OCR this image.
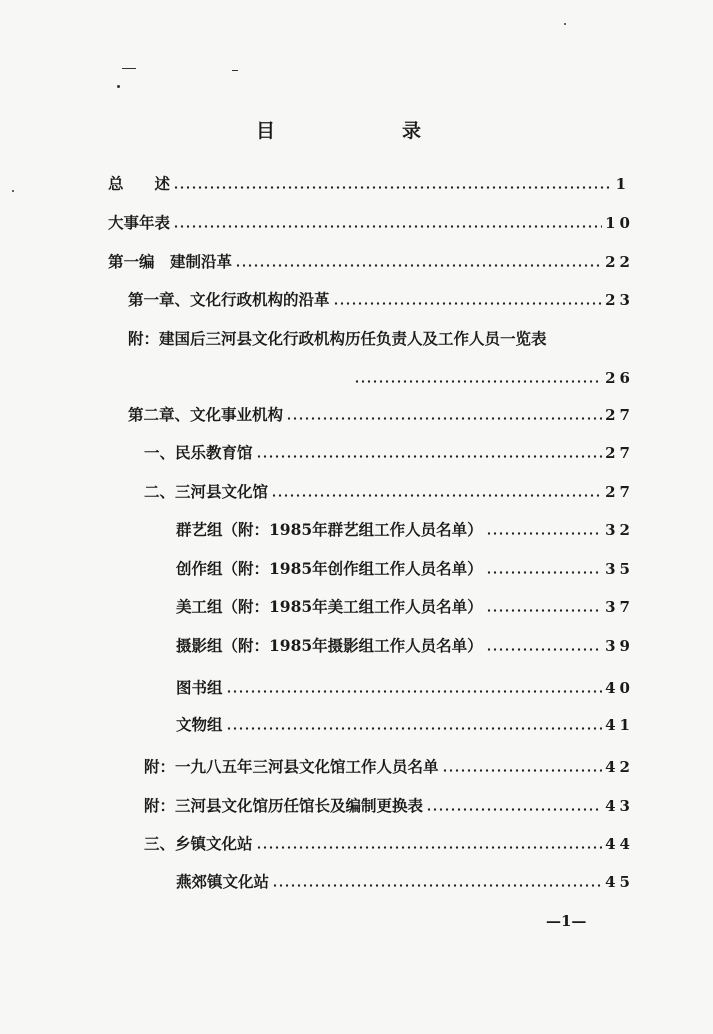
目	录
总　　述	1
大事年表	10
第一编　建制沿革	22
第一章、文化行政机构的沿革	23
附：建国后三河县文化行政机构历任负责人及工作人员一览表
26
第二章、文化事业机构	27
一、民乐教育馆	27
二、三河县文化馆	27
群艺组（附：1985年群艺组工作人员名单）	32
创作组（附：1985年创作组工作人员名单）	35
美工组（附：1985年美工组工作人员名单）	37
摄影组（附：1985年摄影组工作人员名单）	39
图书组	40
文物组	41
附：一九八五年三河县文化馆工作人员名单	42
附：三河县文化馆历任馆长及编制更换表	43
三、乡镇文化站	44
燕郊镇文化站	45
—1—
